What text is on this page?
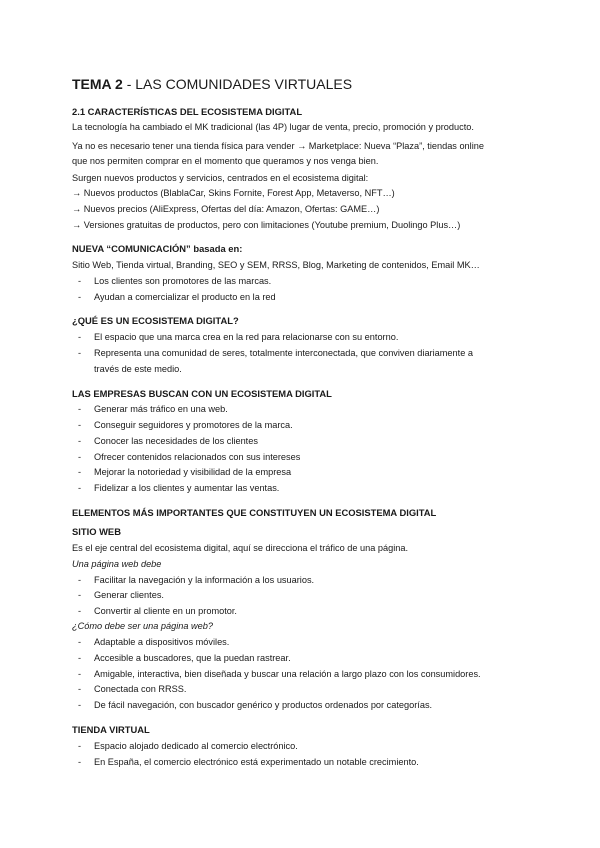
TEMA 2 - LAS COMUNIDADES VIRTUALES
2.1 CARACTERÍSTICAS DEL ECOSISTEMA DIGITAL
La tecnología ha cambiado el MK tradicional (las 4P) lugar de venta, precio, promoción y producto.
Ya no es necesario tener una tienda física para vender → Marketplace: Nueva “Plaza”, tiendas online
que nos permiten comprar en el momento que queramos y nos venga bien.
Surgen nuevos productos y servicios, centrados en el ecosistema digital:
→ Nuevos productos (BlablaCar, Skins Fornite, Forest App, Metaverso, NFT…)
→ Nuevos precios (AliExpress, Ofertas del día: Amazon, Ofertas: GAME…)
→ Versiones gratuitas de productos, pero con limitaciones (Youtube premium, Duolingo Plus…)
NUEVA “COMUNICACIÓN” basada en:
Sitio Web, Tienda virtual, Branding, SEO y SEM, RRSS, Blog, Marketing de contenidos, Email MK…
- Los clientes son promotores de las marcas.
- Ayudan a comercializar el producto en la red
¿QUÉ ES UN ECOSISTEMA DIGITAL?
- El espacio que una marca crea en la red para relacionarse con su entorno.
- Representa una comunidad de seres, totalmente interconectada, que conviven diariamente a
través de este medio.
LAS EMPRESAS BUSCAN CON UN ECOSISTEMA DIGITAL
- Generar más tráfico en una web.
- Conseguir seguidores y promotores de la marca.
- Conocer las necesidades de los clientes
- Ofrecer contenidos relacionados con sus intereses
- Mejorar la notoriedad y visibilidad de la empresa
- Fidelizar a los clientes y aumentar las ventas.
ELEMENTOS MÁS IMPORTANTES QUE CONSTITUYEN UN ECOSISTEMA DIGITAL
SITIO WEB
Es el eje central del ecosistema digital, aquí se direcciona el tráfico de una página.
Una página web debe
- Facilitar la navegación y la información a los usuarios.
- Generar clientes.
- Convertir al cliente en un promotor.
¿Cómo debe ser una página web?
- Adaptable a dispositivos móviles.
- Accesible a buscadores, que la puedan rastrear.
- Amigable, interactiva, bien diseñada y buscar una relación a largo plazo con los consumidores.
- Conectada con RRSS.
- De fácil navegación, con buscador genérico y productos ordenados por categorías.
TIENDA VIRTUAL
- Espacio alojado dedicado al comercio electrónico.
- En España, el comercio electrónico está experimentado un notable crecimiento.
